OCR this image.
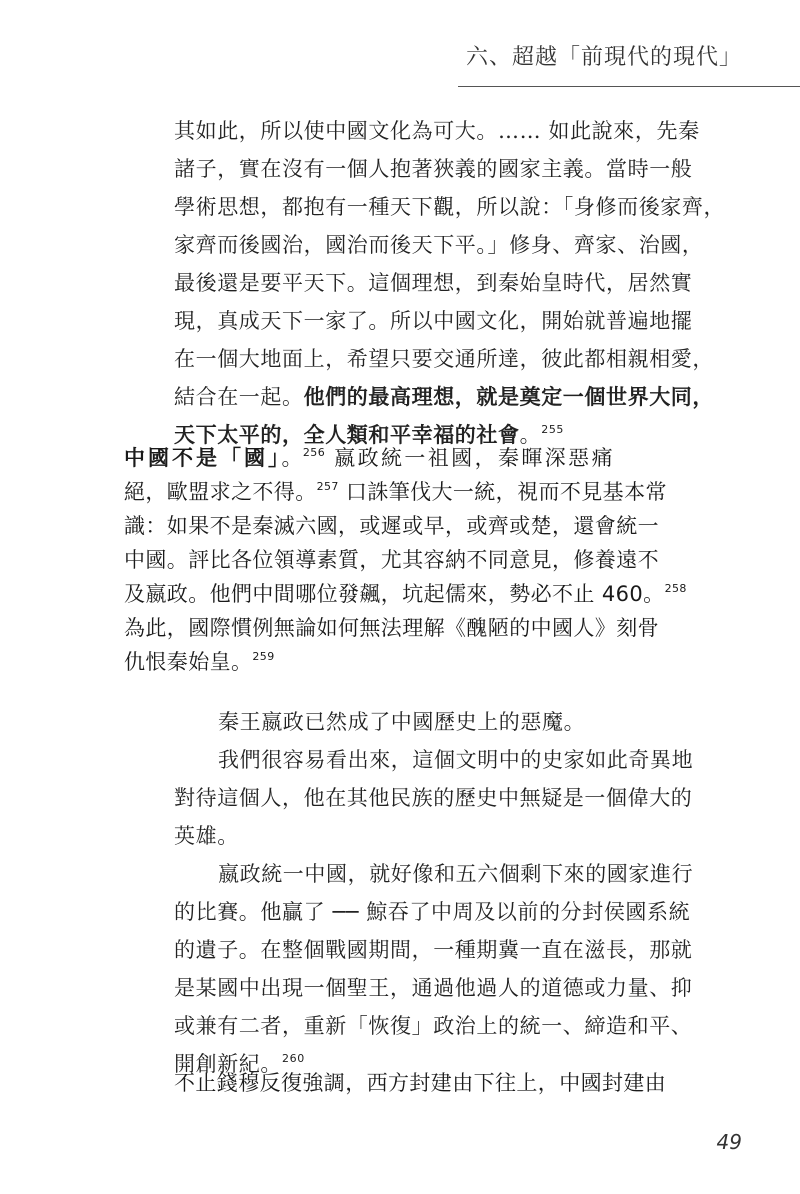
六、超越「前現代的現代」
其如此，所以使中國文化為可大。…… 如此說來，先秦
諸子，實在沒有一個人抱著狹義的國家主義。當時一般
學術思想，都抱有一種天下觀，所以說：「身修而後家齊，
家齊而後國治，國治而後天下平。」修身、齊家、治國，
最後還是要平天下。這個理想，到秦始皇時代，居然實
現，真成天下一家了。所以中國文化，開始就普遍地擺
在一個大地面上，希望只要交通所達，彼此都相親相愛，
結合在一起。他們的最高理想，就是奠定一個世界大同，
天下太平的，全人類和平幸福的社會。$^{255}$
中國不是「國」。$^{256}$ 嬴政統一祖國，秦暉深惡痛
絕，歐盟求之不得。$^{257}$ 口誅筆伐大一統，視而不見基本常
識：如果不是秦滅六國，或遲或早，或齊或楚，還會統一
中國。評比各位領導素質，尤其容納不同意見，修養遠不
及嬴政。他們中間哪位發飆，坑起儒來，勢必不止 460。$^{258}$
為此，國際慣例無論如何無法理解《醜陋的中國人》刻骨
仇恨秦始皇。$^{259}$
秦王嬴政已然成了中國歷史上的惡魔。
我們很容易看出來，這個文明中的史家如此奇異地
對待這個人，他在其他民族的歷史中無疑是一個偉大的
英雄。
嬴政統一中國，就好像和五六個剩下來的國家進行
的比賽。他贏了 ── 鯨吞了中周及以前的分封侯國系統
的遺子。在整個戰國期間，一種期冀一直在滋長，那就
是某國中出現一個聖王，通過他過人的道德或力量、抑
或兼有二者，重新「恢復」政治上的統一、締造和平、
開創新紀。$^{260}$
不止錢穆反復強調，西方封建由下往上，中國封建由
49
